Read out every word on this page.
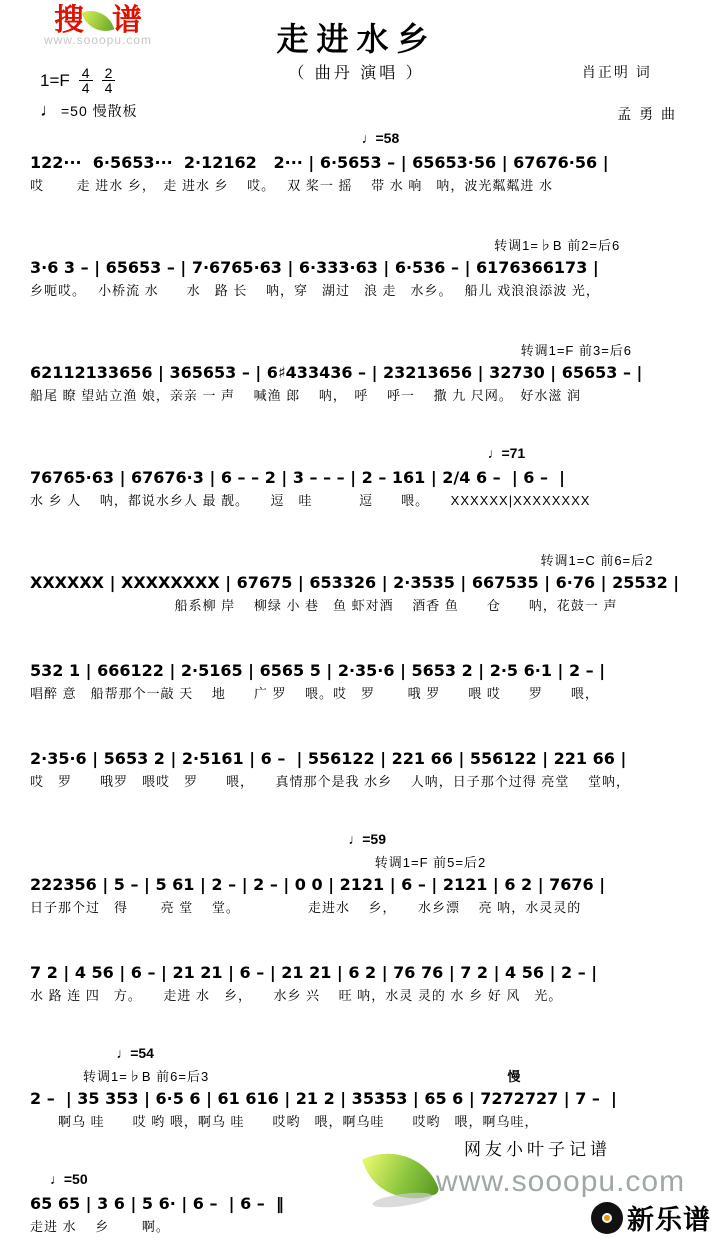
搜 谱
www.sooopu.com	走进水乡
（ 曲丹 演唱 ）	肖正明 词

孟 勇 曲

$1=F \frac{4}{4} \frac{2}{4}$
♩ =50 慢散板
♩=58
122···  6·5653···  2·12162   2··· | 6·5653 – | 65653·56 | 67676·56 |
哎　　 走 进水 乡，　走 进水 乡　 哎。　 双 桨一 摇　 带 水 响　呐，波光粼粼进 水
转调1=♭B 前2=后6
3·6 3 – | 65653 – | 7·6765·63 | 6·333·63 | 6·536 – | 6176366173 |
乡呃哎。　 小桥流 水　　水　路 长　 呐，穿　湖过　浪 走　水乡。　 船儿 戏浪浪添波 光，
转调1=F 前3=后6
62112133656 | 365653 – | 6♯433436 – | 23213656 | 32730 | 65653 – |
船尾 瞭 望站立渔 娘，亲亲 一 声　 喊渔 郎　 呐，　呼　 呼一　 撒 九 尺网。　好水滋 润
♩=71
76765·63 | 67676·3 | 6 – – 2 | 3 – – – | 2 – 161 | 2/4 6 –  | 6 –  |
水 乡 人　 呐，都说水乡人 最 靓。　　逗　哇　　　 逗　　喂。　　XXXXXX|XXXXXXXX
转调1=C 前6=后2
XXXXXX | XXXXXXXX | 67675 | 653326 | 2·3535 | 667535 | 6·76 | 25532 |
　　　　　　　　　　 船系柳 岸　 柳绿 小 巷　鱼 虾对酒　 酒香 鱼　　仓　　呐，花鼓一 声
532 1 | 666122 | 2·5165 | 6565 5 | 2·35·6 | 5653 2 | 2·5 6·1 | 2 – |
唱醉 意　船帮那个一敲 天　 地　　广 罗　 喂。哎　罗　　 哦 罗　　喂 哎　　罗　　喂，
2·35·6 | 5653 2 | 2·5161 | 6 –  | 556122 | 221 66 | 556122 | 221 66 |
哎　罗　　哦罗　喂哎　罗　　喂，　　真情那个是我 水乡　 人呐，日子那个过得 亮堂　 堂呐，
♩=59
转调1=F 前5=后2
222356 | 5 – | 5 61 | 2 – | 2 – | 0 0 | 2121 | 6 – | 2121 | 6 2 | 7676 |
日子那个过　得　　 亮 堂　 堂。　　　　　 走进水　 乡，　　水乡漂　 亮 呐，水灵灵的
7 2 | 4 56 | 6 – | 21 21 | 6 – | 21 21 | 6 2 | 76 76 | 7 2 | 4 56 | 2 – |
水 路 连 四　方。　　走进 水　乡，　　水乡 兴　 旺 呐，水灵 灵的 水 乡 好 风　光。
♩=54
转调1=♭B 前6=后3	慢
2 –  | 35 353 | 6·5 6 | 61 616 | 21 2 | 35353 | 65 6 | 7272727 | 7 –  |
　　啊乌 哇　　哎 哟 喂，啊乌 哇　　哎哟　喂，啊乌哇　　哎哟　喂，啊乌哇，
♩=50
65 65 | 3 6 | 5 6· | 6 –  | 6 –  ‖
走进 水　 乡　　 啊。
网友小叶子记谱
www.sooopu.com
新乐谱
